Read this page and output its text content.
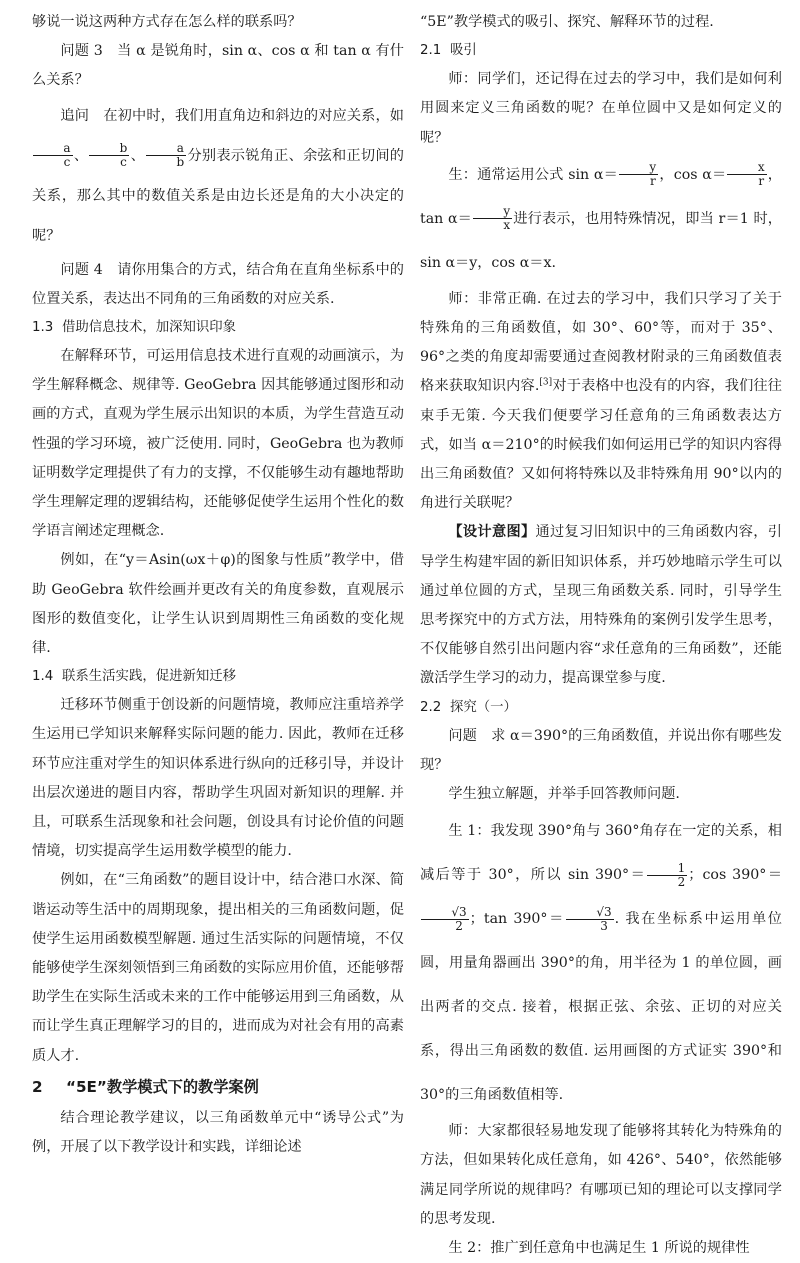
够说一说这两种方式存在怎么样的联系吗？

问题 3　当 α 是锐角时，sin α、cos α 和 tan α 有什么关系？

追问　在初中时，我们用直角边和斜边的对应关系，如
$\frac{a}{c}$ 、 $\frac{b}{c}$ 、 $\frac{a}{b}$ 分别表示锐角正、余弦和正切间的关系，那么其中的数值关系是由边长还是角的大小决定的呢？

问题 4　请你用集合的方式，结合角在直角坐标系中的位置关系，表达出不同角的三角函数的对应关系.

1.3 借助信息技术，加深知识印象

在解释环节，可运用信息技术进行直观的动画演示，为学生解释概念、规律等. GeoGebra 因其能够通过图形和动画的方式，直观为学生展示出知识的本质，为学生营造互动性强的学习环境，被广泛使用. 同时，GeoGebra 也为教师证明数学定理提供了有力的支撑，不仅能够生动有趣地帮助学生理解定理的逻辑结构，还能够促使学生运用个性化的数学语言阐述定理概念.

例如，在“y＝Asin(ωx＋φ)的图象与性质”教学中，借助 GeoGebra 软件绘画并更改有关的角度参数，直观展示图形的数值变化，让学生认识到周期性三角函数的变化规律.

1.4 联系生活实践，促进新知迁移

迁移环节侧重于创设新的问题情境，教师应注重培养学生运用已学知识来解释实际问题的能力. 因此，教师在迁移环节应注重对学生的知识体系进行纵向的迁移引导，并设计出层次递进的题目内容，帮助学生巩固对新知识的理解. 并且，可联系生活现象和社会问题，创设具有讨论价值的问题情境，切实提高学生运用数学模型的能力.

例如，在“三角函数”的题目设计中，结合港口水深、简谐运动等生活中的周期现象，提出相关的三角函数问题，促使学生运用函数模型解题. 通过生活实际的问题情境，不仅能够使学生深刻领悟到三角函数的实际应用价值，还能够帮助学生在实际生活或未来的工作中能够运用到三角函数，从而让学生真正理解学习的目的，进而成为对社会有用的高素质人才.

2 “5E”教学模式下的教学案例

结合理论教学建议，以三角函数单元中“诱导公式”为例，开展了以下教学设计和实践，详细论述

“5E”教学模式的吸引、探究、解释环节的过程.

2.1 吸引

师：同学们，还记得在过去的学习中，我们是如何利用圆来定义三角函数的呢？在单位圆中又是如何定义的呢？

生：通常运用公式 $\sin \alpha= \frac{y}{r}$ ，$\cos \alpha= \frac{x}{r}$ ，$\tan \alpha= \frac{y}{x}$ 进行表示，也用特殊情况，即当 r＝1 时，sin α＝y，cos α＝x.

师：非常正确. 在过去的学习中，我们只学习了关于特殊角的三角函数值，如 30°、60°等，而对于 35°、96°之类的角度却需要通过查阅教材附录的三角函数值表格来获取知识内容.[3]对于表格中也没有的内容，我们往往束手无策. 今天我们便要学习任意角的三角函数表达方式，如当 α＝210°的时候我们如何运用已学的知识内容得出三角函数值？又如何将特殊以及非特殊角用 90°以内的角进行关联呢？

【设计意图】通过复习旧知识中的三角函数内容，引导学生构建牢固的新旧知识体系，并巧妙地暗示学生可以通过单位圆的方式，呈现三角函数关系. 同时，引导学生思考探究中的方式方法，用特殊角的案例引发学生思考，不仅能够自然引出问题内容“求任意角的三角函数”，还能激活学生学习的动力，提高课堂参与度.

2.2 探究（一）

问题　求 α＝390°的三角函数值，并说出你有哪些发现？

学生独立解题，并举手回答教师问题.

生 1：我发现 390°角与 360°角存在一定的关系，相减后等于 30°，所以 $\sin 390^\circ= \frac{1}{2}$ ；cos 390°＝
$\frac{√3}{2}$ ；$\tan 390^\circ= \frac{√3}{3}$ . 我在坐标系中运用单位圆，用量角器画出 390°的角，用半径为 1 的单位圆，画出两者的交点. 接着，根据正弦、余弦、正切的对应关系，得出三角函数的数值. 运用画图的方式证实 390°和 30°的三角函数值相等.

师：大家都很轻易地发现了能够将其转化为特殊角的方法，但如果转化成任意角，如 426°、540°，依然能够满足同学所说的规律吗？有哪项已知的理论可以支撑同学的思考发现.

生 2：推广到任意角中也满足生 1 所说的规律性
